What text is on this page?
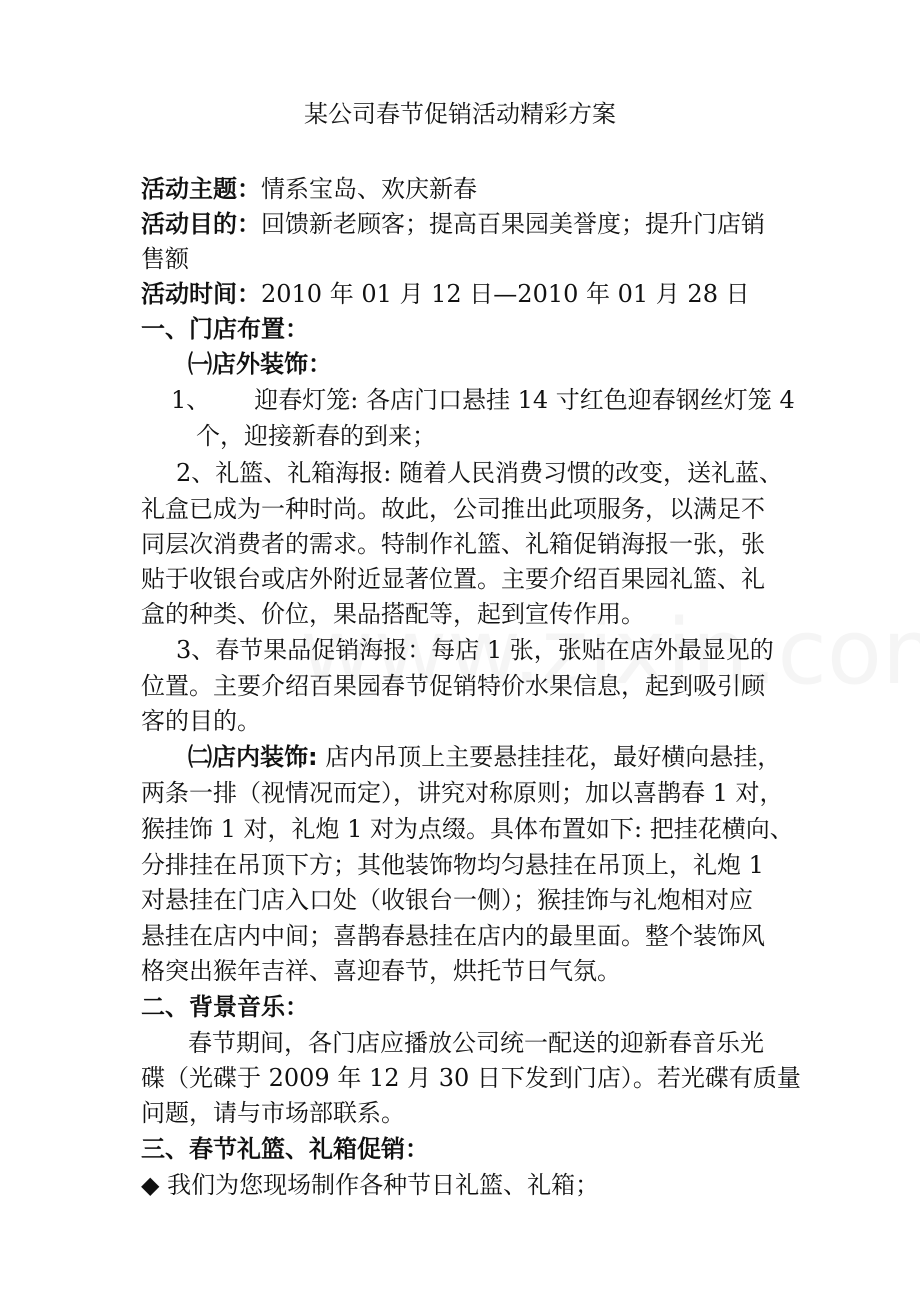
某公司春节促销活动精彩方案
活动主题：情系宝岛、欢庆新春
活动目的：回馈新老顾客；提高百果园美誉度；提升门店销
售额
活动时间：2010 年 01 月 12 日—2010 年 01 月 28 日
一、门店布置：
㈠店外装饰：
1、 迎春灯笼: 各店门口悬挂 14 寸红色迎春钢丝灯笼 4
个，迎接新春的到来；
2、礼篮、礼箱海报: 随着人民消费习惯的改变，送礼蓝、
礼盒已成为一种时尚。故此，公司推出此项服务，以满足不
同层次消费者的需求。特制作礼篮、礼箱促销海报一张，张
贴于收银台或店外附近显著位置。主要介绍百果园礼篮、礼
盒的种类、价位，果品搭配等，起到宣传作用。
3、春节果品促销海报：每店 1 张，张贴在店外最显见的
位置。主要介绍百果园春节促销特价水果信息，起到吸引顾
客的目的。
㈡店内装饰: 店内吊顶上主要悬挂挂花，最好横向悬挂，
两条一排（视情况而定），讲究对称原则；加以喜鹊春 1 对，
猴挂饰 1 对，礼炮 1 对为点缀。具体布置如下: 把挂花横向、
分排挂在吊顶下方；其他装饰物均匀悬挂在吊顶上，礼炮 1
对悬挂在门店入口处（收银台一侧）；猴挂饰与礼炮相对应
悬挂在店内中间；喜鹊春悬挂在店内的最里面。整个装饰风
格突出猴年吉祥、喜迎春节，烘托节日气氛。
二、背景音乐：
春节期间，各门店应播放公司统一配送的迎新春音乐光
碟（光碟于 2009 年 12 月 30 日下发到门店）。若光碟有质量
问题，请与市场部联系。
三、春节礼篮、礼箱促销：
◆ 我们为您现场制作各种节日礼篮、礼箱；
